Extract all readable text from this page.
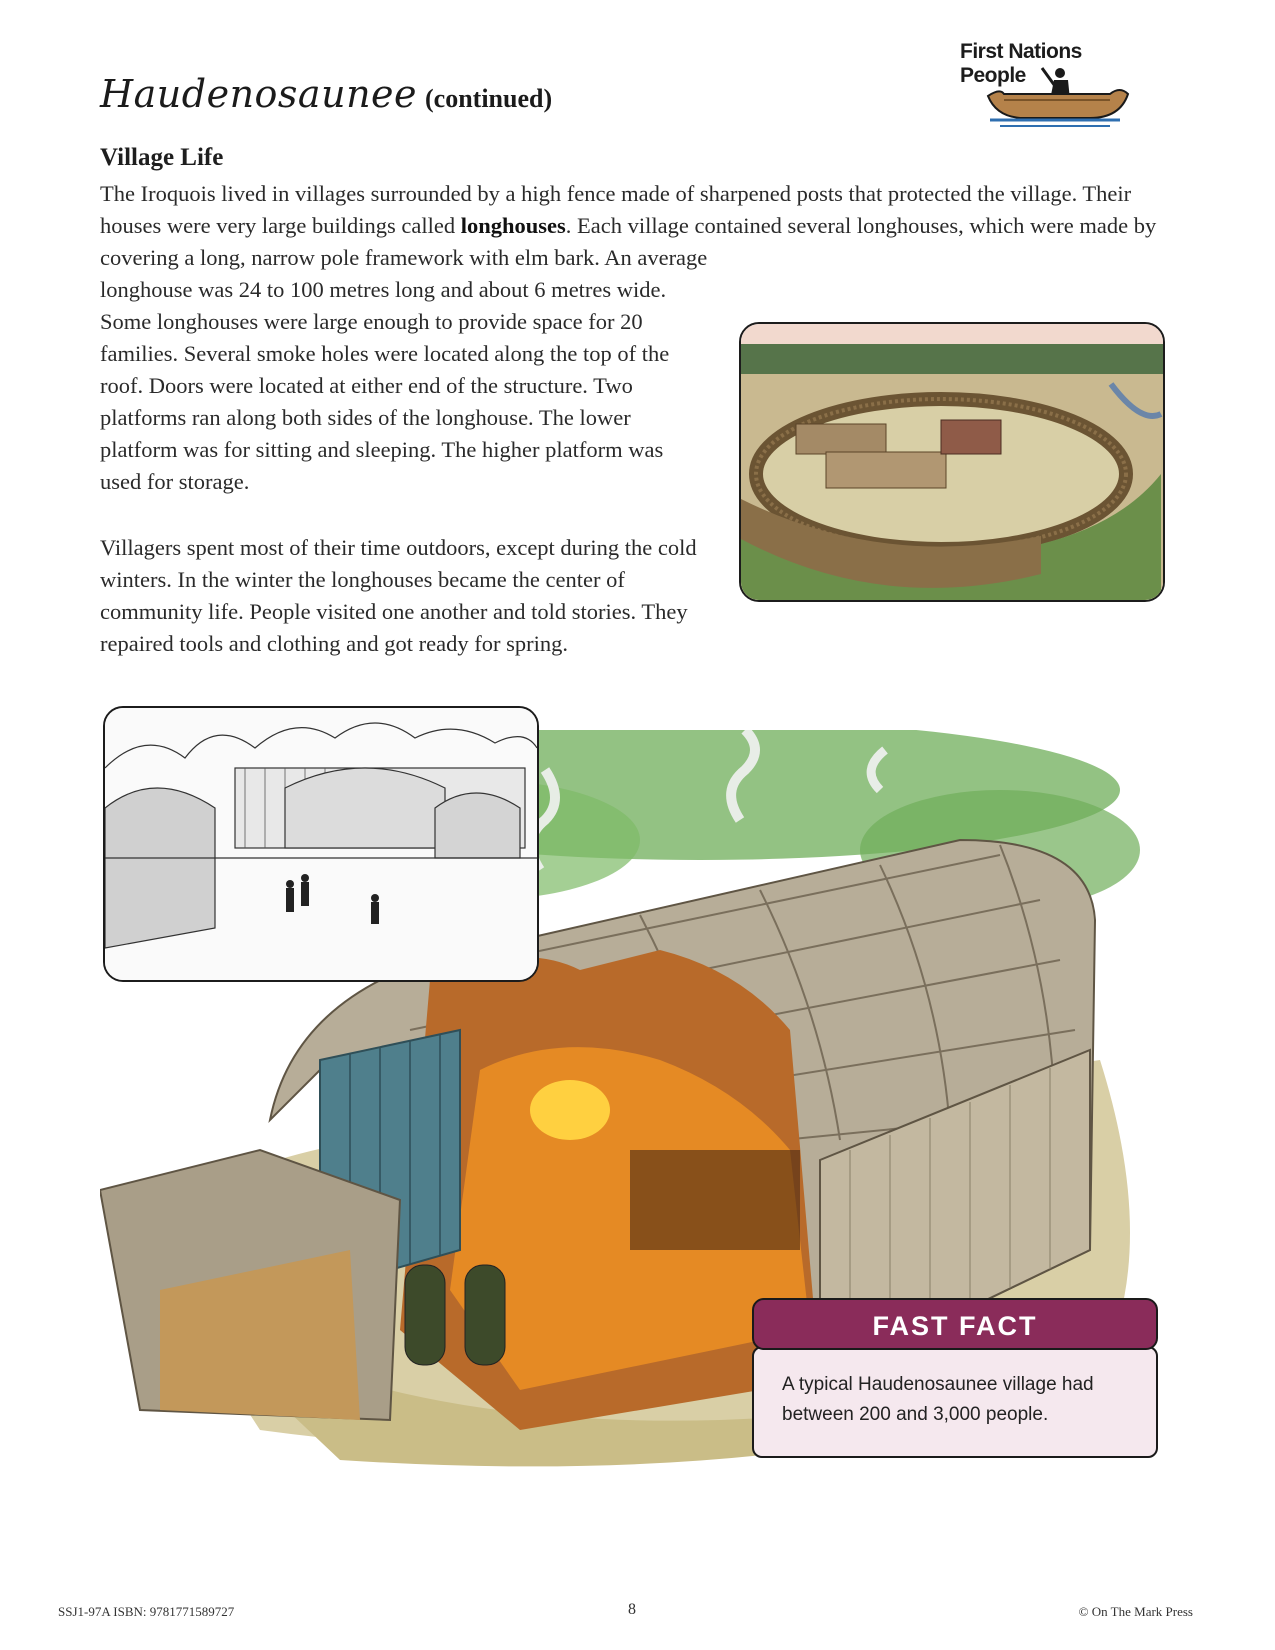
Haudenosaunee (continued)
First Nations
People
Village Life

The Iroquois lived in villages surrounded by a high fence made of sharpened posts that protected the village. Their houses were very large buildings called longhouses. Each village contained several longhouses, which were made by covering a long, narrow pole framework with elm bark. An average

longhouse was 24 to 100 metres long and about 6 metres wide. Some longhouses were large enough to provide space for 20 families. Several smoke holes were located along the top of the roof. Doors were located at either end of the structure. Two platforms ran along both sides of the longhouse. The lower platform was for sitting and sleeping. The higher platform was used for storage.

Villagers spent most of their time outdoors, except during the cold winters. In the winter the longhouses became the center of community life. People visited one another and told stories. They repaired tools and clothing and got ready for spring.

A typical Haudenosaunee village had between 200 and 3,000 people.
FAST FACT
SSJ1-97A ISBN: 9781771589727	8	© On The Mark Press
